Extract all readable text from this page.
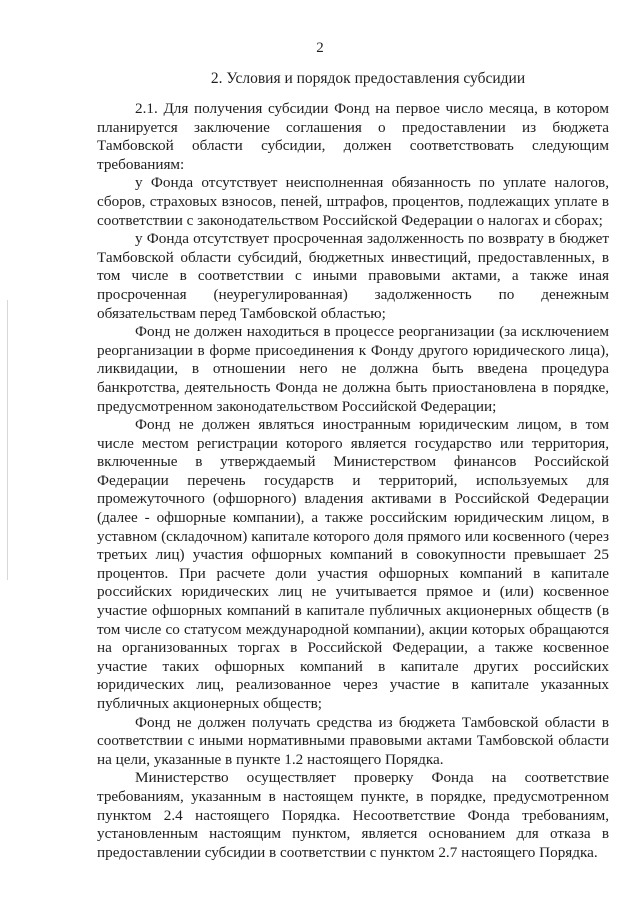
2
2. Условия и порядок предоставления субсидии

2.1. Для получения субсидии Фонд на первое число месяца, в котором планируется заключение соглашения о предоставлении из бюджета Тамбовской области субсидии, должен соответствовать следующим требованиям:

у Фонда отсутствует неисполненная обязанность по уплате налогов, сборов, страховых взносов, пеней, штрафов, процентов, подлежащих уплате в соответствии с законодательством Российской Федерации о налогах и сборах;

у Фонда отсутствует просроченная задолженность по возврату в бюджет Тамбовской области субсидий, бюджетных инвестиций, предоставленных, в том числе в соответствии с иными правовыми актами, а также иная просроченная (неурегулированная) задолженность по денежным обязательствам перед Тамбовской областью;

Фонд не должен находиться в процессе реорганизации (за исключением реорганизации в форме присоединения к Фонду другого юридического лица), ликвидации, в отношении него не должна быть введена процедура банкротства, деятельность Фонда не должна быть приостановлена в порядке, предусмотренном законодательством Российской Федерации;

Фонд не должен являться иностранным юридическим лицом, в том числе местом регистрации которого является государство или территория, включенные в утверждаемый Министерством финансов Российской Федерации перечень государств и территорий, используемых для промежуточного (офшорного) владения активами в Российской Федерации (далее - офшорные компании), а также российским юридическим лицом, в уставном (складочном) капитале которого доля прямого или косвенного (через третьих лиц) участия офшорных компаний в совокупности превышает 25 процентов. При расчете доли участия офшорных компаний в капитале российских юридических лиц не учитывается прямое и (или) косвенное участие офшорных компаний в капитале публичных акционерных обществ (в том числе со статусом международной компании), акции которых обращаются на организованных торгах в Российской Федерации, а также косвенное участие таких офшорных компаний в капитале других российских юридических лиц, реализованное через участие в капитале указанных публичных акционерных обществ;

Фонд не должен получать средства из бюджета Тамбовской области в соответствии с иными нормативными правовыми актами Тамбовской области на цели, указанные в пункте 1.2 настоящего Порядка.

Министерство осуществляет проверку Фонда на соответствие требованиям, указанным в настоящем пункте, в порядке, предусмотренном пунктом 2.4 настоящего Порядка. Несоответствие Фонда требованиям, установленным настоящим пунктом, является основанием для отказа в предоставлении субсидии в соответствии с пунктом 2.7 настоящего Порядка.
